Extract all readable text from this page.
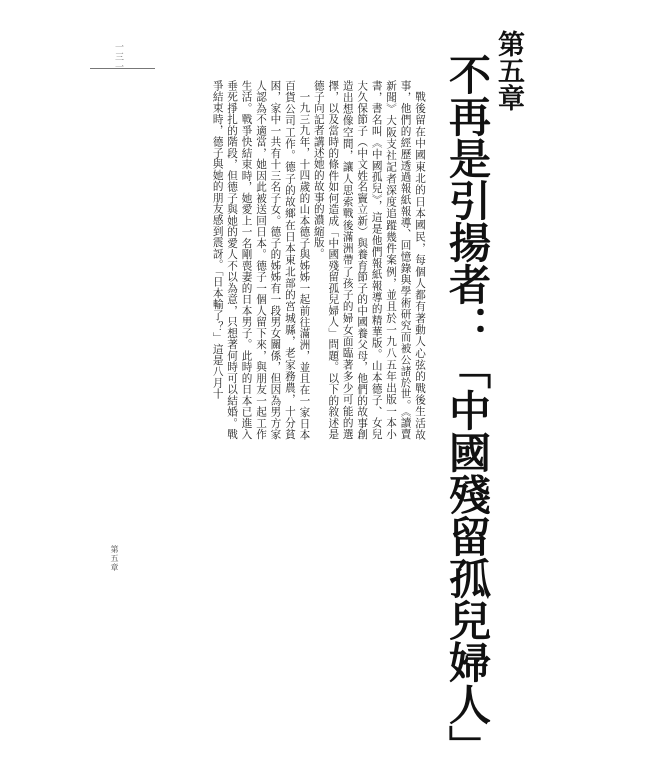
一三一	第五章
不再是引揚者：「中國殘留孤兒婦人」

戰後留在中國東北的日本國民，每個人都有著動人心弦的戰後生活故事，他們的經歷透過報紙報導、回憶錄與學術研究而被公諸於世。《讀賣新聞》大阪支社記者深度追蹤幾件案例，並且於一九八五年出版一本小書，書名叫《中國孤兒》，這是他們報紙報導的精華版。山本德子、女兒大久保節子（中文姓名竇立新）與養育節子的中國養父母，他們的故事創造出想像空間，讓人思索戰後滿洲帶了孩子的婦女面臨著多少可能的選擇，以及當時的條件如何造成「中國殘留孤兒婦人」問題。以下的敘述是德子向記者講述她的故事的濃縮版。

一九三九年，十四歲的山本德子與姊姊一起前往滿洲，並且在一家日本百貨公司工作。德子的故鄉在日本東北部的宮城縣，老家務農，十分貧困，家中一共有十三名子女。德子的姊姊有一段男女關係，但因為男方家人認為不適當，她因此被送回日本。德子一個人留下來，與朋友一起工作生活。戰爭快結束時，她愛上一名剛喪妻的日本男子。此時的日本已進入垂死掙扎的階段，但德子與她的愛人不以為意，只想著何時可以結婚。戰爭結束時，德子與她的朋友感到震訝。「日本輸了？」這是八月十

第五章
